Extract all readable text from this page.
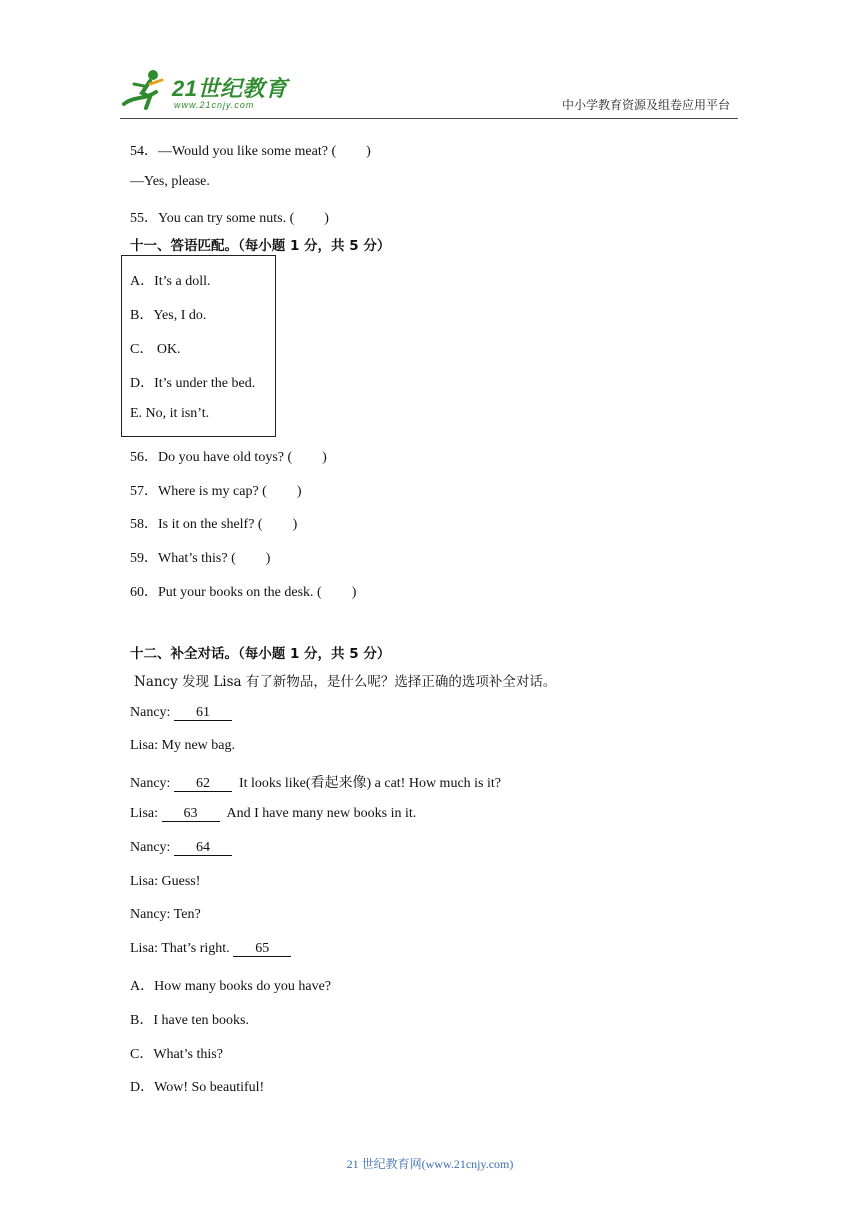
21世纪教育
www.21cnjy.com	中小学教育资源及组卷应用平台
54．—Would you like some meat? ( )
—Yes, please.
55．You can try some nuts. ( )
十一、答语匹配。（每小题 1 分，共 5 分）
A．It’s a doll.
B．Yes, I do.
C． OK.
D．It’s under the bed.
E. No, it isn’t.
56．Do you have old toys? ( )
57．Where is my cap? ( )
58．Is it on the shelf? ( )
59．What’s this? ( )
60．Put your books on the desk. ( )
十二、补全对话。（每小题 1 分，共 5 分）
Nancy 发现 Lisa 有了新物品，是什么呢？选择正确的选项补全对话。
Nancy: 61
Lisa: My new bag.
Nancy: 62 It looks like(看起来像) a cat! How much is it?
Lisa: 63 And I have many new books in it.
Nancy: 64
Lisa: Guess!
Nancy: Ten?
Lisa: That’s right. 65
A．How many books do you have?
B．I have ten books.
C．What’s this?
D．Wow! So beautiful!
21 世纪教育网(www.21cnjy.com)
